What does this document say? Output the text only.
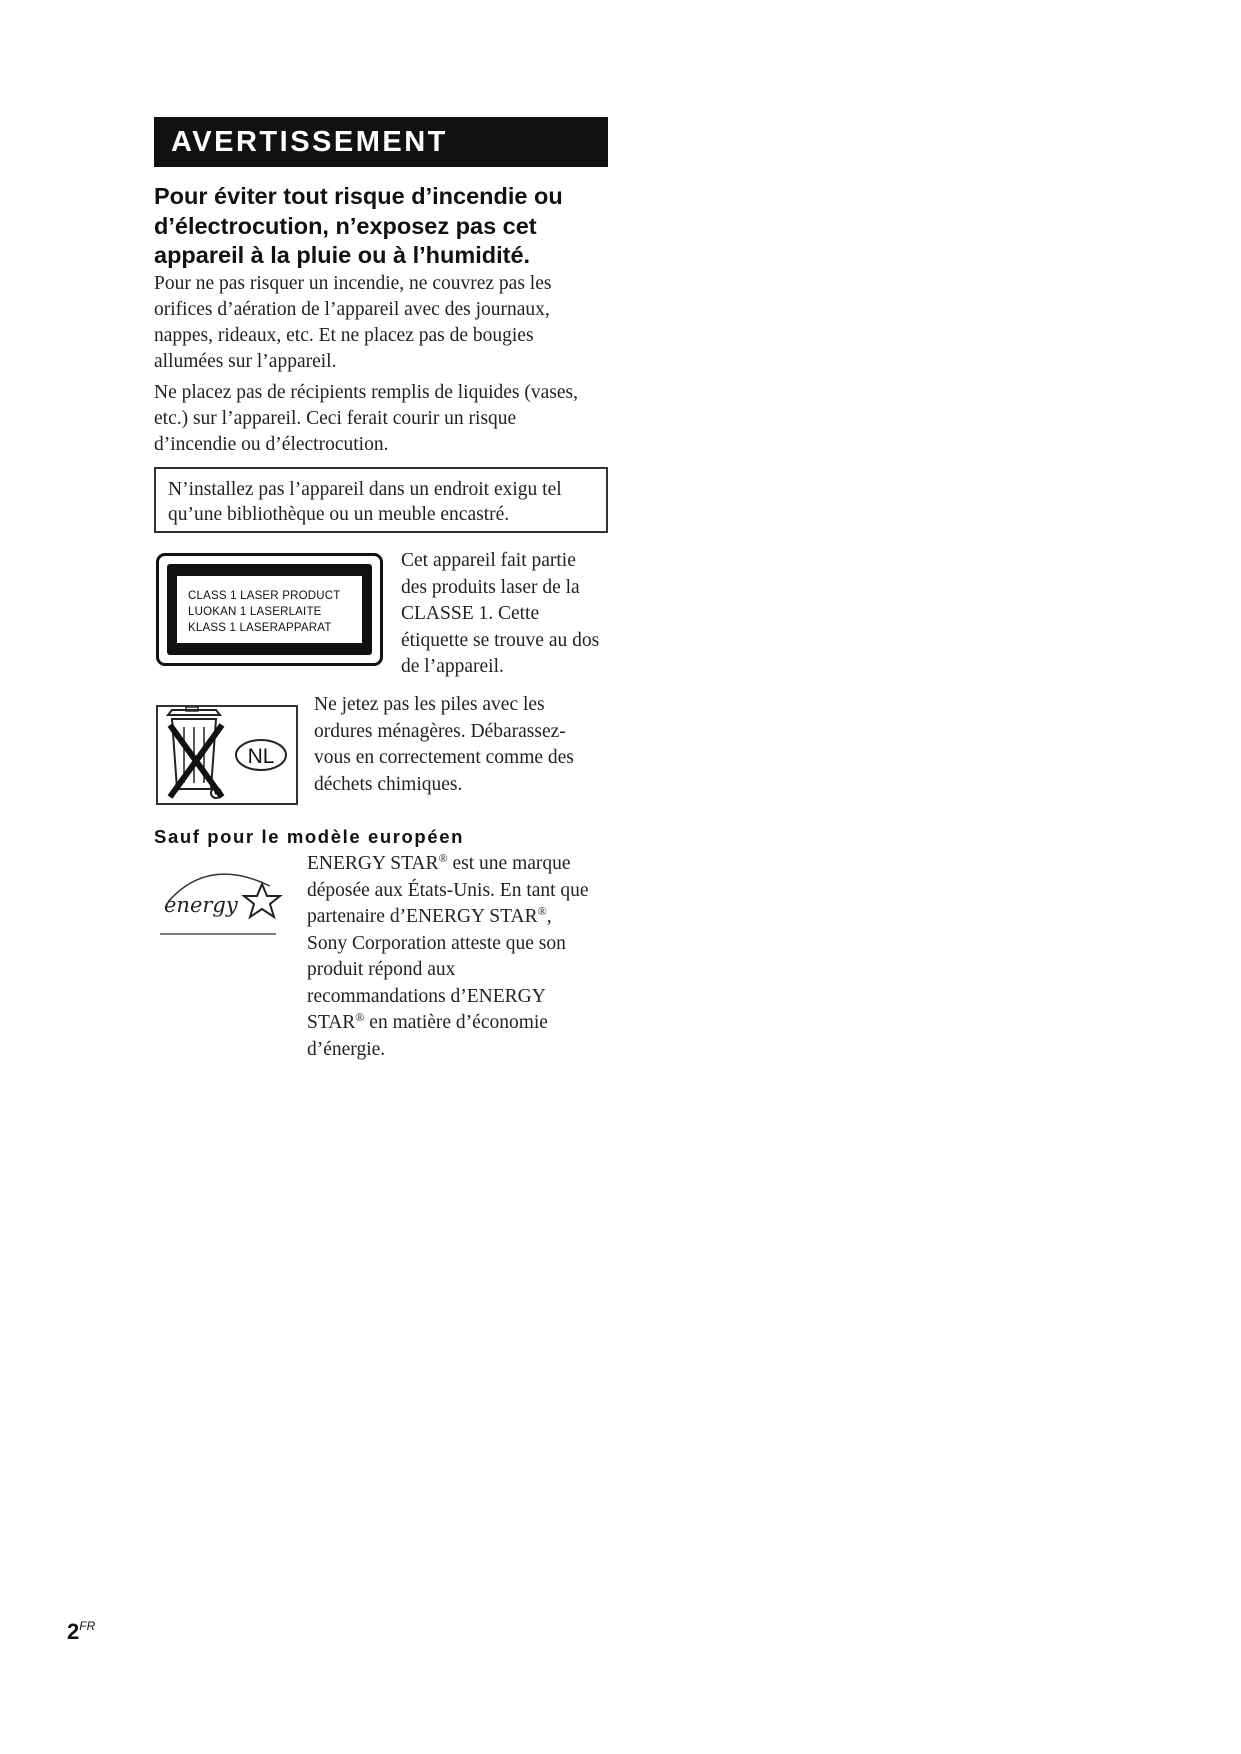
AVERTISSEMENT
Pour éviter tout risque d’incendie ou
d’électrocution, n’exposez pas cet
appareil à la pluie ou à l’humidité.
Pour ne pas risquer un incendie, ne couvrez pas les
orifices d’aération de l’appareil avec des journaux,
nappes, rideaux, etc. Et ne placez pas de bougies
allumées sur l’appareil.
Ne placez pas de récipients remplis de liquides (vases,
etc.) sur l’appareil. Ceci ferait courir un risque
d’incendie ou d’électrocution.
N’installez pas l’appareil dans un endroit exigu tel
qu’une bibliothèque ou un meuble encastré.
CLASS 1 LASER PRODUCT
LUOKAN 1 LASERLAITE
KLASS 1 LASERAPPARAT
Cet appareil fait partie
des produits laser de la
CLASSE 1. Cette
étiquette se trouve au dos
de l’appareil.
NL
Ne jetez pas les piles avec les
ordures ménagères. Débarassez-
vous en correctement comme des
déchets chimiques.
Sauf pour le modèle européen
energy
ENERGY STAR® est une marque
déposée aux États-Unis. En tant que
partenaire d’ENERGY STAR®,
Sony Corporation atteste que son
produit répond aux
recommandations d’ENERGY
STAR® en matière d’économie
d’énergie.
$2^{FR}$
